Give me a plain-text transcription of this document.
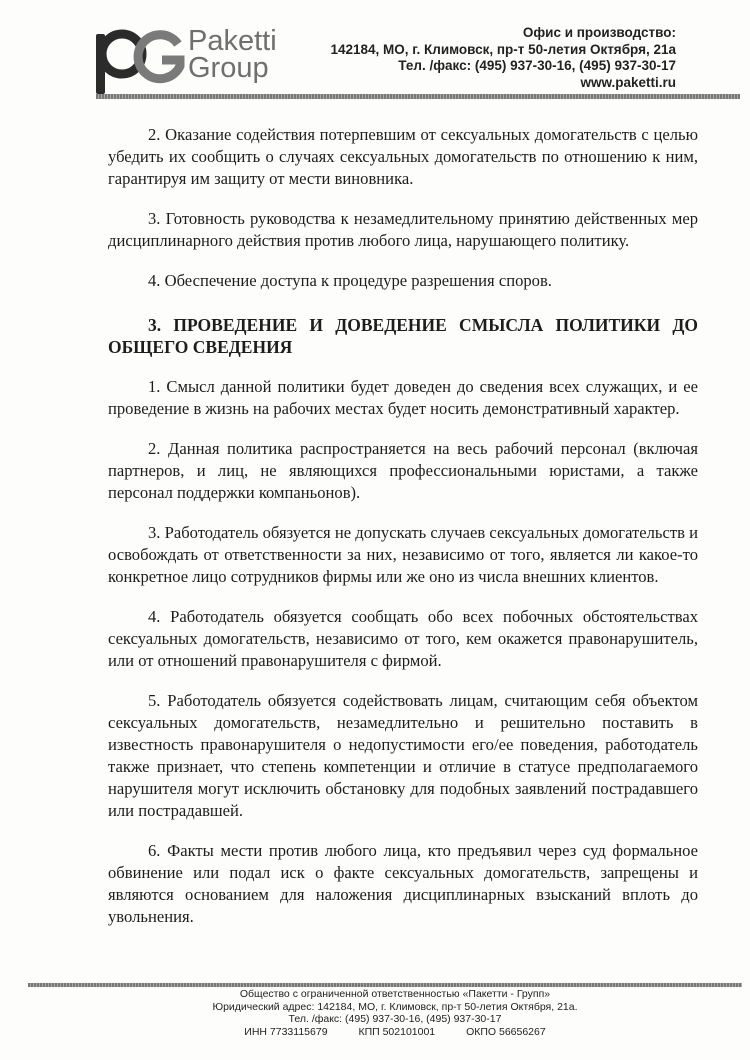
Paketti
Group
Офис и производство:
142184, МО, г. Климовск, пр-т 50-летия Октября, 21а
Тел. /факс: (495) 937-30-16, (495) 937-30-17
www.paketti.ru

2. Оказание содействия потерпевшим от сексуальных домогательств с целью убедить их сообщить о случаях сексуальных домогательств по отношению к ним, гарантируя им защиту от мести виновника.

3. Готовность руководства к незамедлительному принятию действенных мер дисциплинарного действия против любого лица, нарушающего политику.

4. Обеспечение доступа к процедуре разрешения споров.

3. ПРОВЕДЕНИЕ И ДОВЕДЕНИЕ СМЫСЛА ПОЛИТИКИ ДО ОБЩЕГО СВЕДЕНИЯ

1. Смысл данной политики будет доведен до сведения всех служащих, и ее проведение в жизнь на рабочих местах будет носить демонстративный характер.

2. Данная политика распространяется на весь рабочий персонал (включая партнеров, и лиц, не являющихся профессиональными юристами, а также персонал поддержки компаньонов).

3. Работодатель обязуется не допускать случаев сексуальных домогательств и освобождать от ответственности за них, независимо от того, является ли какое-то конкретное лицо сотрудников фирмы или же оно из числа внешних клиентов.

4. Работодатель обязуется сообщать обо всех побочных обстоятельствах сексуальных домогательств, независимо от того, кем окажется правонарушитель, или от отношений правонарушителя с фирмой.

5. Работодатель обязуется содействовать лицам, считающим себя объектом сексуальных домогательств, незамедлительно и решительно поставить в известность правонарушителя о недопустимости его/ее поведения, работодатель также признает, что степень компетенции и отличие в статусе предполагаемого нарушителя могут исключить обстановку для подобных заявлений пострадавшего или пострадавшей.

6. Факты мести против любого лица, кто предъявил через суд формальное обвинение или подал иск о факте сексуальных домогательств, запрещены и являются основанием для наложения дисциплинарных взысканий вплоть до увольнения.

Общество с ограниченной ответственностью «Пакетти - Групп»
Юридический адрес: 142184, МО, г. Климовск, пр-т 50-летия Октября, 21а.
Тел. /факс: (495) 937-30-16, (495) 937-30-17
ИНН 7733115679	КПП 502101001	ОКПО 56656267
